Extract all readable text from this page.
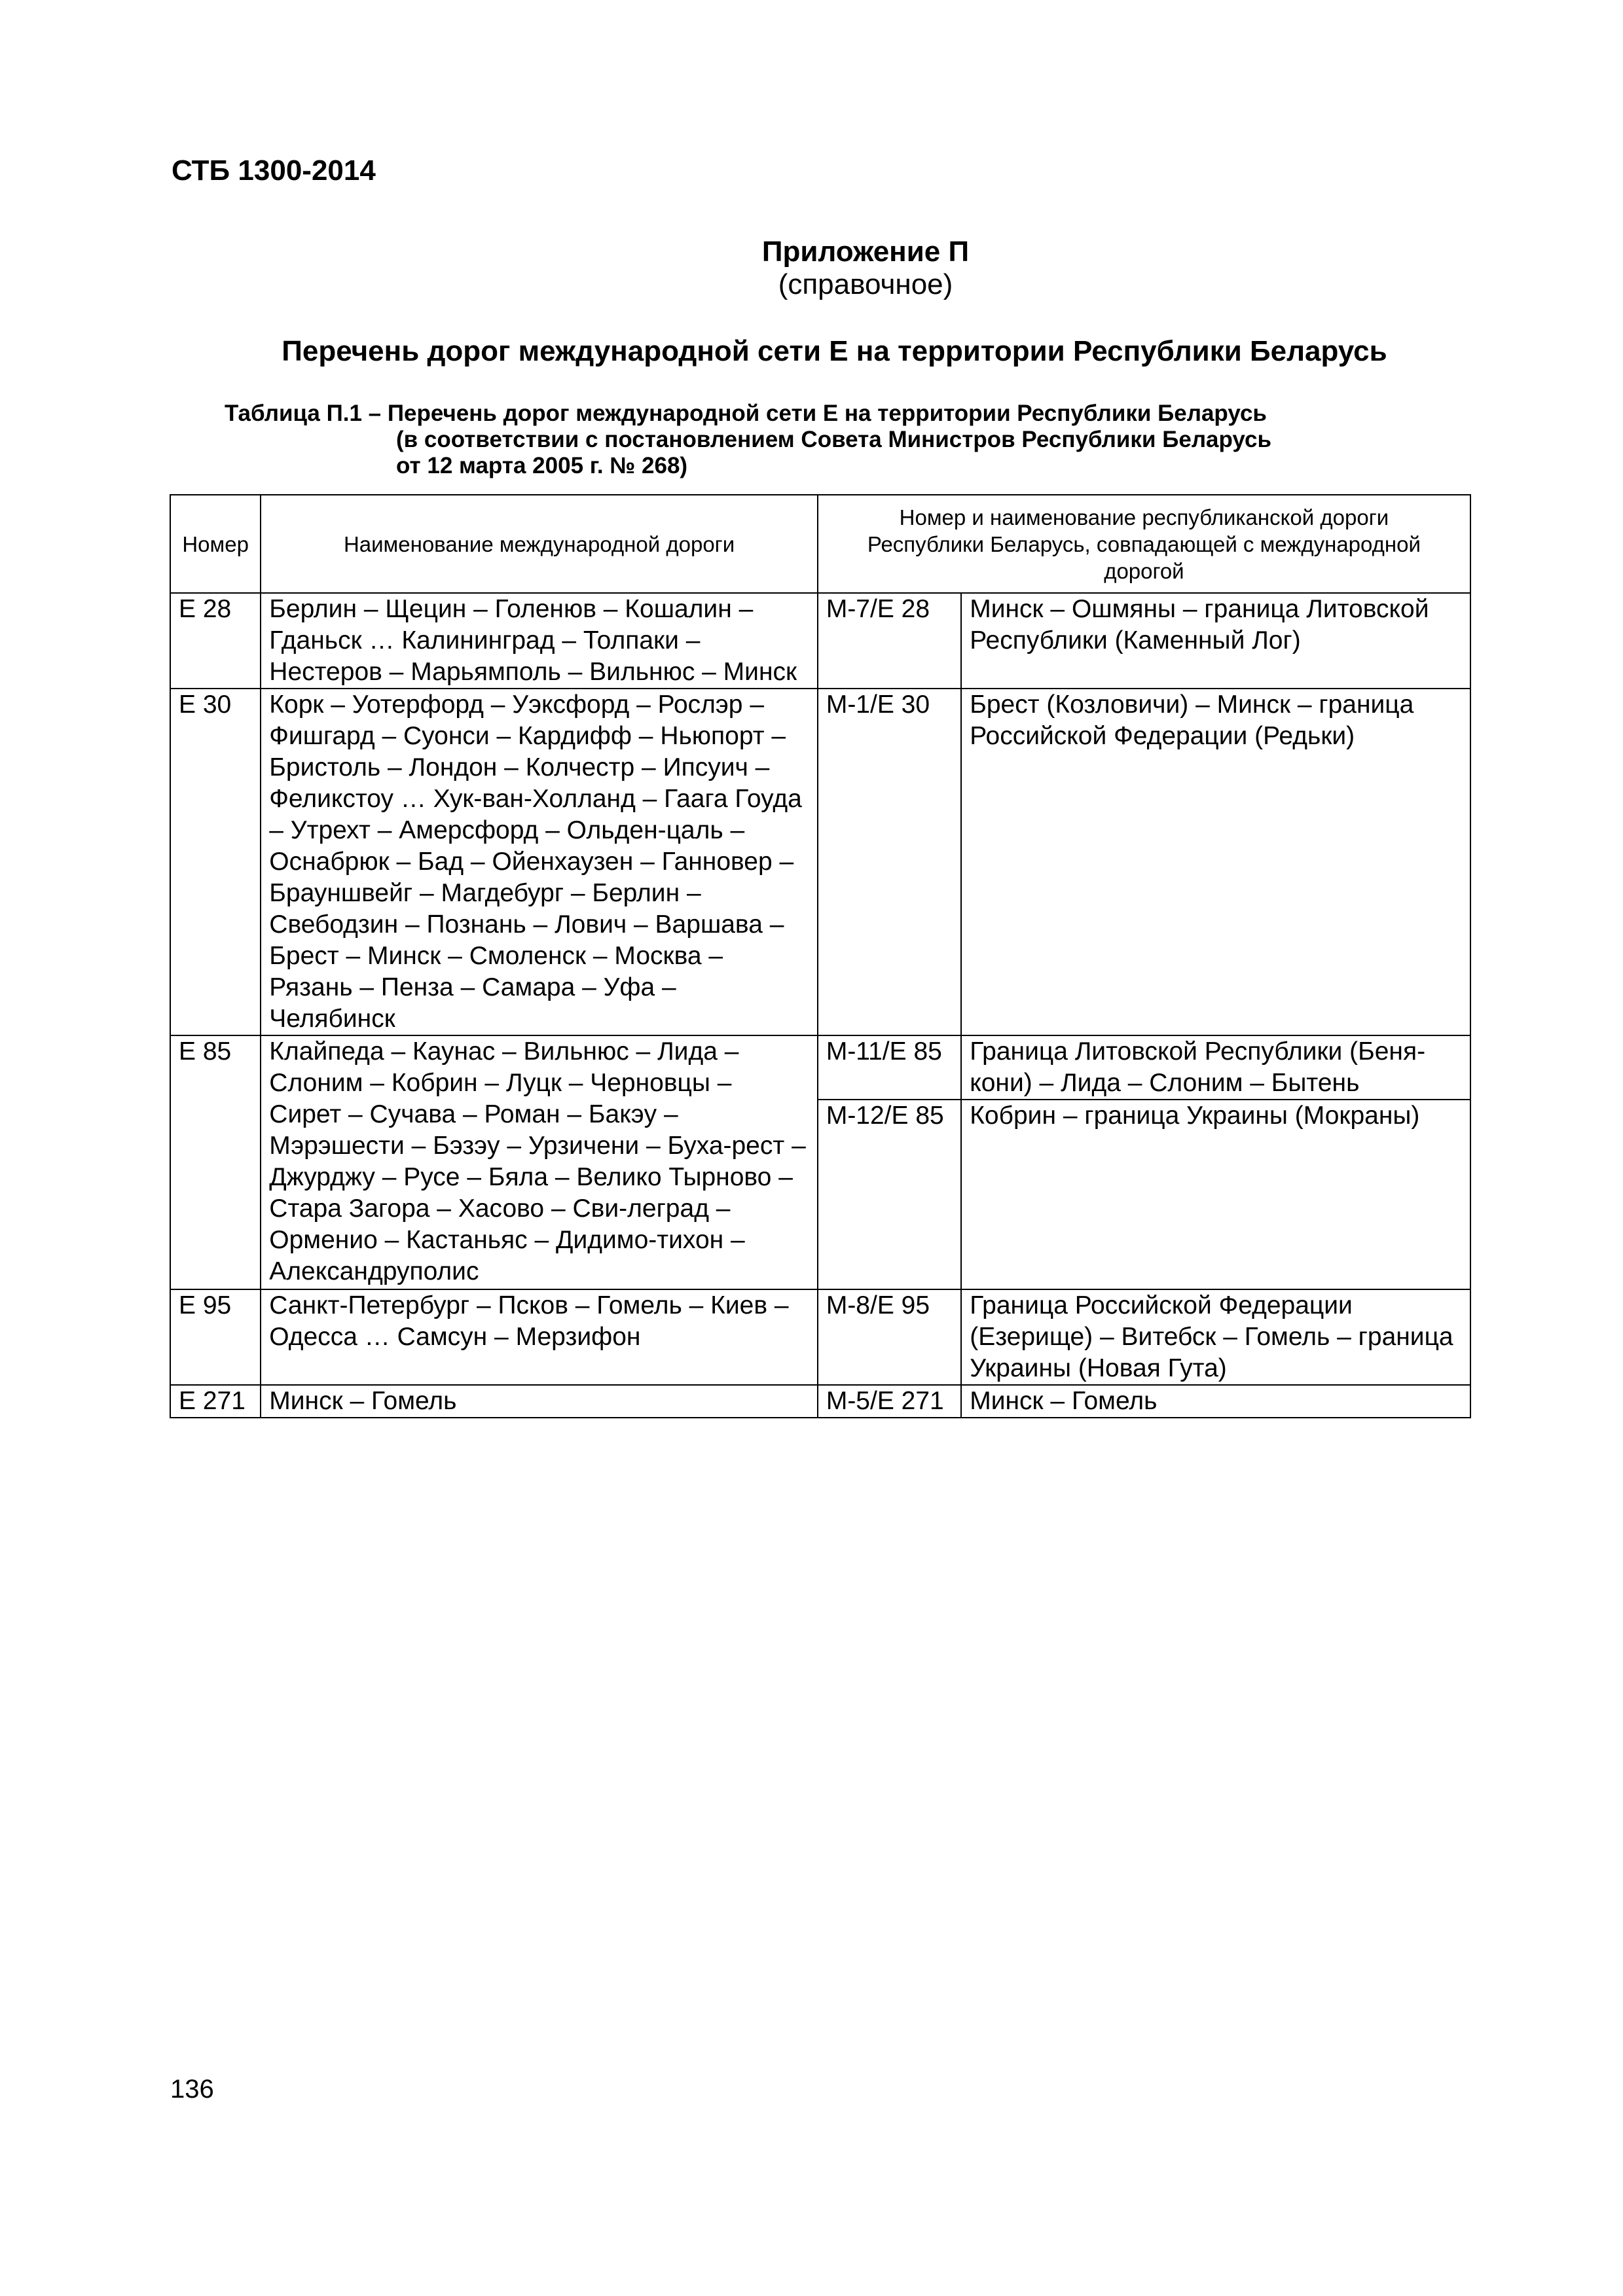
СТБ 1300-2014
Приложение П
(справочное)
Перечень дорог международной сети E на территории Республики Беларусь
Таблица П.1 – Перечень дорог международной сети E на территории Республики Беларусь
(в соответствии с постановлением Совета Министров Республики Беларусь
от 12 марта 2005 г. № 268)
Номер	Наименование международной дороги	Номер и наименование республиканской дороги Республики Беларусь, совпадающей с международной дорогой	
E 28	Берлин – Щецин – Голенюв – Кошалин – Гданьск … Калининград – Толпаки – Нестеров – Марьямполь – Вильнюс – Минск	М-7/Е 28	Минск – Ошмяны – граница Литовской Республики (Каменный Лог)
E 30	Корк – Уотерфорд – Уэксфорд – Рослэр – Фишгард – Суонси – Кардифф – Ньюпорт – Бристоль – Лондон – Колчестр – Ипсуич – Феликстоу … Хук-ван-Холланд – Гаага Гоуда – Утрехт – Амерсфорд – Ольден-цаль – Оснабрюк – Бад – Ойенхаузен – Ганновер – Брауншвейг – Магдебург – Берлин – Свебодзин – Познань – Лович – Варшава – Брест – Минск – Смоленск – Москва – Рязань – Пенза – Самара – Уфа – Челябинск	М-1/Е 30	Брест (Козловичи) – Минск – граница Российской Федерации (Редьки)
E 85	Клайпеда – Каунас – Вильнюс – Лида – Слоним – Кобрин – Луцк – Черновцы – Сирет – Сучава – Роман – Бакэу – Мэрэшести – Бэзэу – Урзичени – Буха-рест – Джурджу – Русе – Бяла – Велико Тырново – Стара Загора – Хасово – Сви-леград – Орменио – Кастаньяс – Дидимо-тихон – Александруполис	М-11/Е 85	Граница Литовской Республики (Беня-кони) – Лида – Слоним – Бытень
		М-12/Е 85	Кобрин – граница Украины (Мокраны)
E 95	Санкт-Петербург – Псков – Гомель – Киев – Одесса … Самсун – Мерзифон	М-8/Е 95	Граница Российской Федерации (Езерище) – Витебск – Гомель – граница Украины (Новая Гута)
E 271	Минск – Гомель	М-5/Е 271	Минск – Гомель
136
